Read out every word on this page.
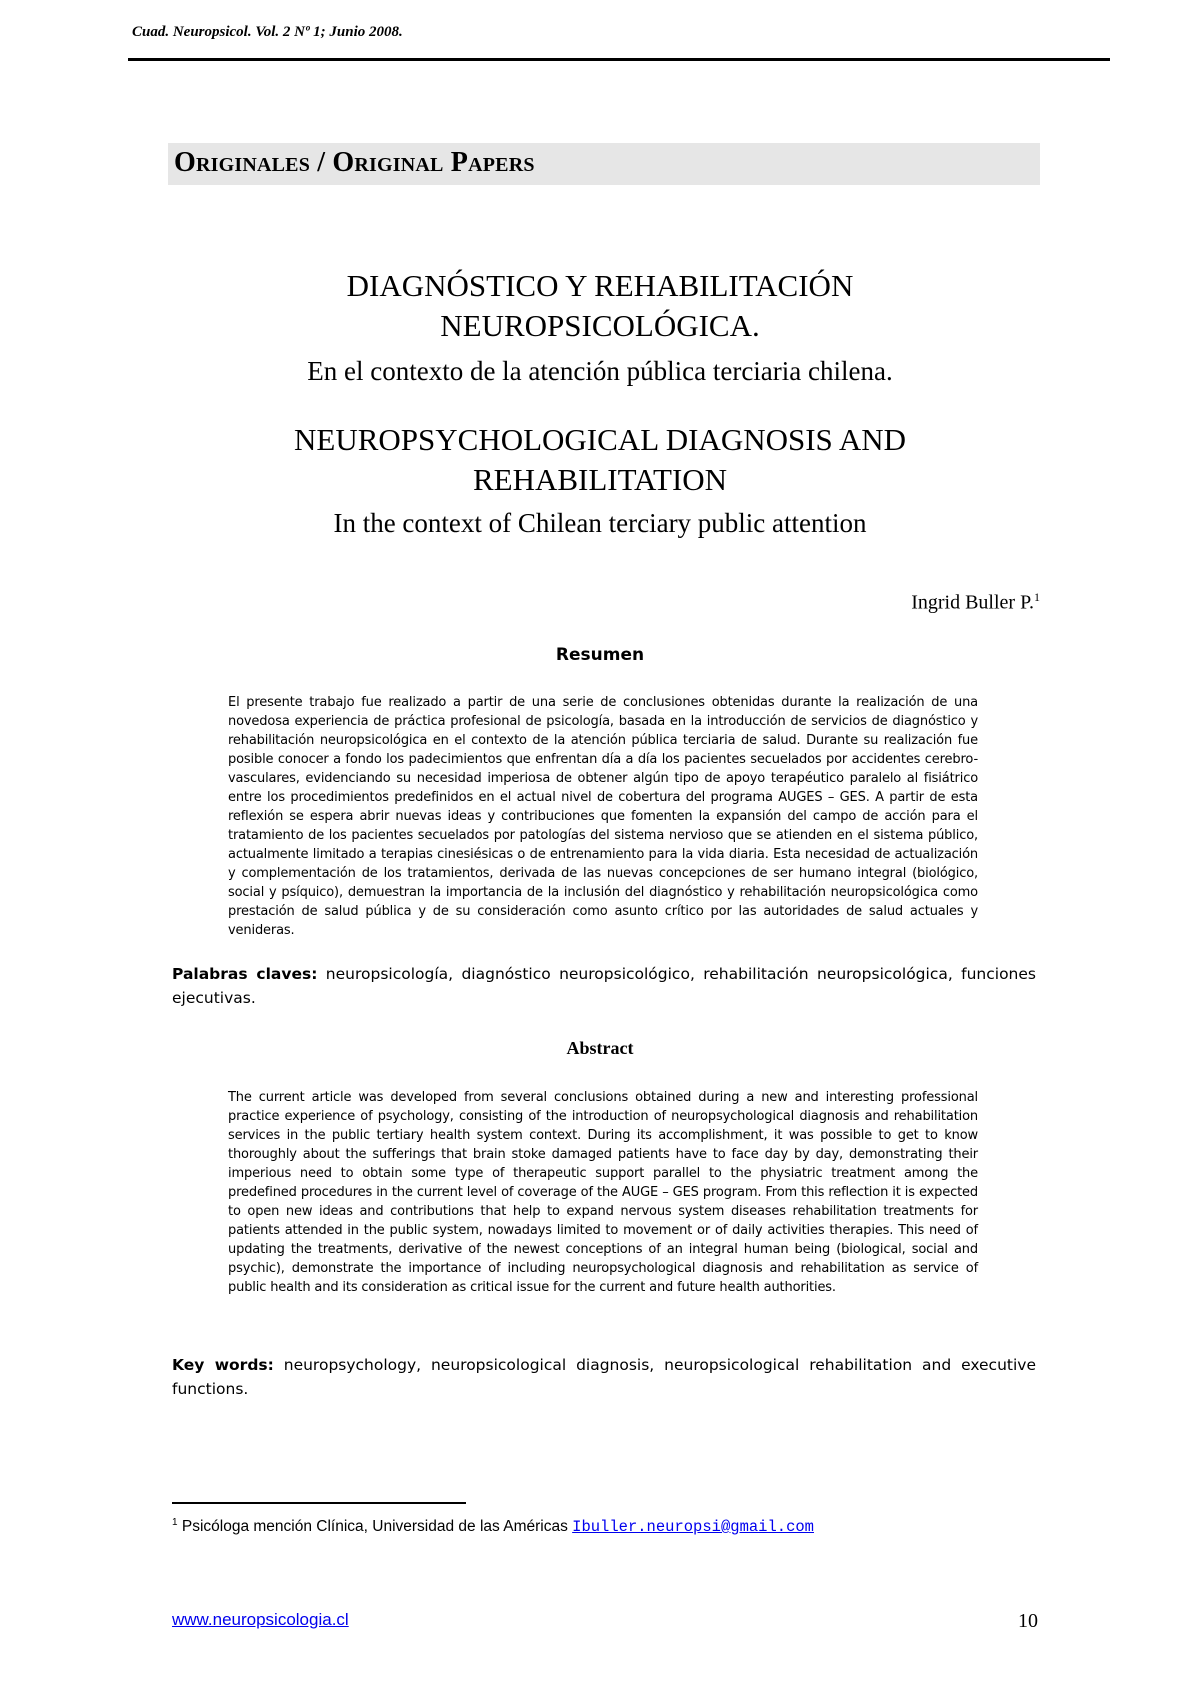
Cuad. Neuropsicol. Vol. 2 Nº 1; Junio 2008.
Originales / Original Papers
DIAGNÓSTICO Y REHABILITACIÓN
NEUROPSICOLÓGICA.
En el contexto de la atención pública terciaria chilena.
NEUROPSYCHOLOGICAL DIAGNOSIS AND
REHABILITATION
In the context of Chilean terciary public attention
Ingrid Buller P.$^1$
Resumen
El presente trabajo fue realizado a partir de una serie de conclusiones obtenidas durante la realización de una novedosa experiencia de práctica profesional de psicología, basada en la introducción de servicios de diagnóstico y rehabilitación neuropsicológica en el contexto de la atención pública terciaria de salud. Durante su realización fue posible conocer a fondo los padecimientos que enfrentan día a día los pacientes secuelados por accidentes cerebro-vasculares, evidenciando su necesidad imperiosa de obtener algún tipo de apoyo terapéutico paralelo al fisiátrico entre los procedimientos predefinidos en el actual nivel de cobertura del programa AUGES – GES. A partir de esta reflexión se espera abrir nuevas ideas y contribuciones que fomenten la expansión del campo de acción para el tratamiento de los pacientes secuelados por patologías del sistema nervioso que se atienden en el sistema público, actualmente limitado a terapias cinesiésicas o de entrenamiento para la vida diaria. Esta necesidad de actualización y complementación de los tratamientos, derivada de las nuevas concepciones de ser humano integral (biológico, social y psíquico), demuestran la importancia de la inclusión del diagnóstico y rehabilitación neuropsicológica como prestación de salud pública y de su consideración como asunto crítico por las autoridades de salud actuales y venideras.
Palabras claves: neuropsicología, diagnóstico neuropsicológico, rehabilitación neuropsicológica, funciones ejecutivas.
Abstract
The current article was developed from several conclusions obtained during a new and interesting professional practice experience of psychology, consisting of the introduction of neuropsychological diagnosis and rehabilitation services in the public tertiary health system context. During its accomplishment, it was possible to get to know thoroughly about the sufferings that brain stoke damaged patients have to face day by day, demonstrating their imperious need to obtain some type of therapeutic support parallel to the physiatric treatment among the predefined procedures in the current level of coverage of the AUGE – GES program. From this reflection it is expected to open new ideas and contributions that help to expand nervous system diseases rehabilitation treatments for patients attended in the public system, nowadays limited to movement or of daily activities therapies. This need of updating the treatments, derivative of the newest conceptions of an integral human being (biological, social and psychic), demonstrate the importance of including neuropsychological diagnosis and rehabilitation as service of public health and its consideration as critical issue for the current and future health authorities.
Key words: neuropsychology, neuropsicological diagnosis, neuropsicological rehabilitation and executive functions.
$^1$ Psicóloga mención Clínica, Universidad de las Américas Ibuller.neuropsi@gmail.com
www.neuropsicologia.cl	10
